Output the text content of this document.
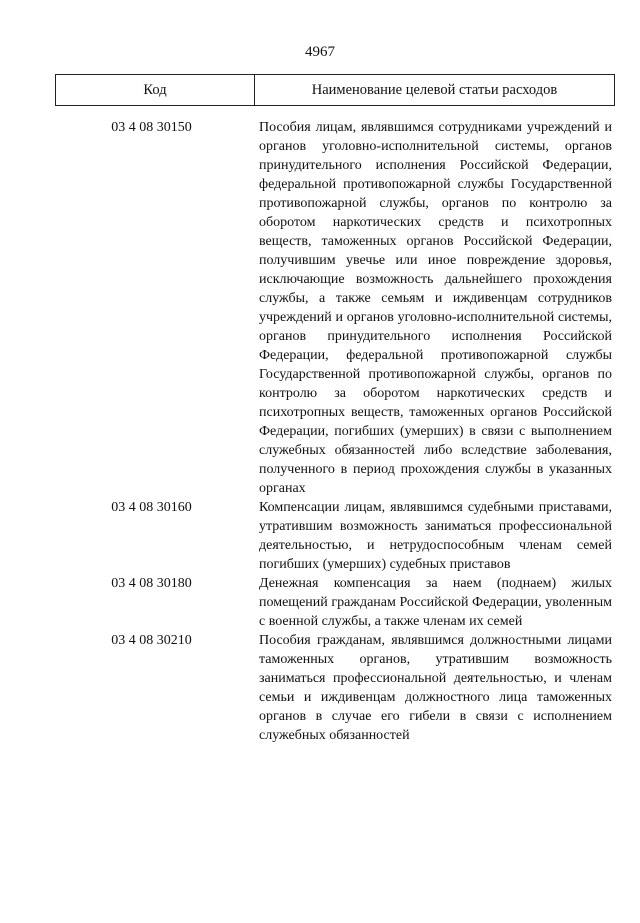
4967
Код	Наименование целевой статьи расходов
03 4 08 30150	Пособия лицам, являвшимся сотрудниками учреждений и органов уголовно-исполнительной системы, органов принудительного исполнения Российской Федерации, федеральной противопожарной службы Государственной противопожарной службы, органов по контролю за оборотом наркотических средств и психотропных веществ, таможенных органов Российской Федерации, получившим увечье или иное повреждение здоровья, исключающие возможность дальнейшего прохождения службы, а также семьям и иждивенцам сотрудников учреждений и органов уголовно-исполнительной системы, органов принудительного исполнения Российской Федерации, федеральной противопожарной службы Государственной противопожарной службы, органов по контролю за оборотом наркотических средств и психотропных веществ, таможенных органов Российской Федерации, погибших (умерших) в связи с выполнением служебных обязанностей либо вследствие заболевания, полученного в период прохождения службы в указанных органах
03 4 08 30160	Компенсации лицам, являвшимся судебными приставами, утратившим возможность заниматься профессиональной деятельностью, и нетрудоспособным членам семей погибших (умерших) судебных приставов
03 4 08 30180	Денежная компенсация за наем (поднаем) жилых помещений гражданам Российской Федерации, уволенным с военной службы, а также членам их семей
03 4 08 30210	Пособия гражданам, являвшимся должностными лицами таможенных органов, утратившим возможность заниматься профессиональной деятельностью, и членам семьи и иждивенцам должностного лица таможенных органов в случае его гибели в связи с исполнением служебных обязанностей
